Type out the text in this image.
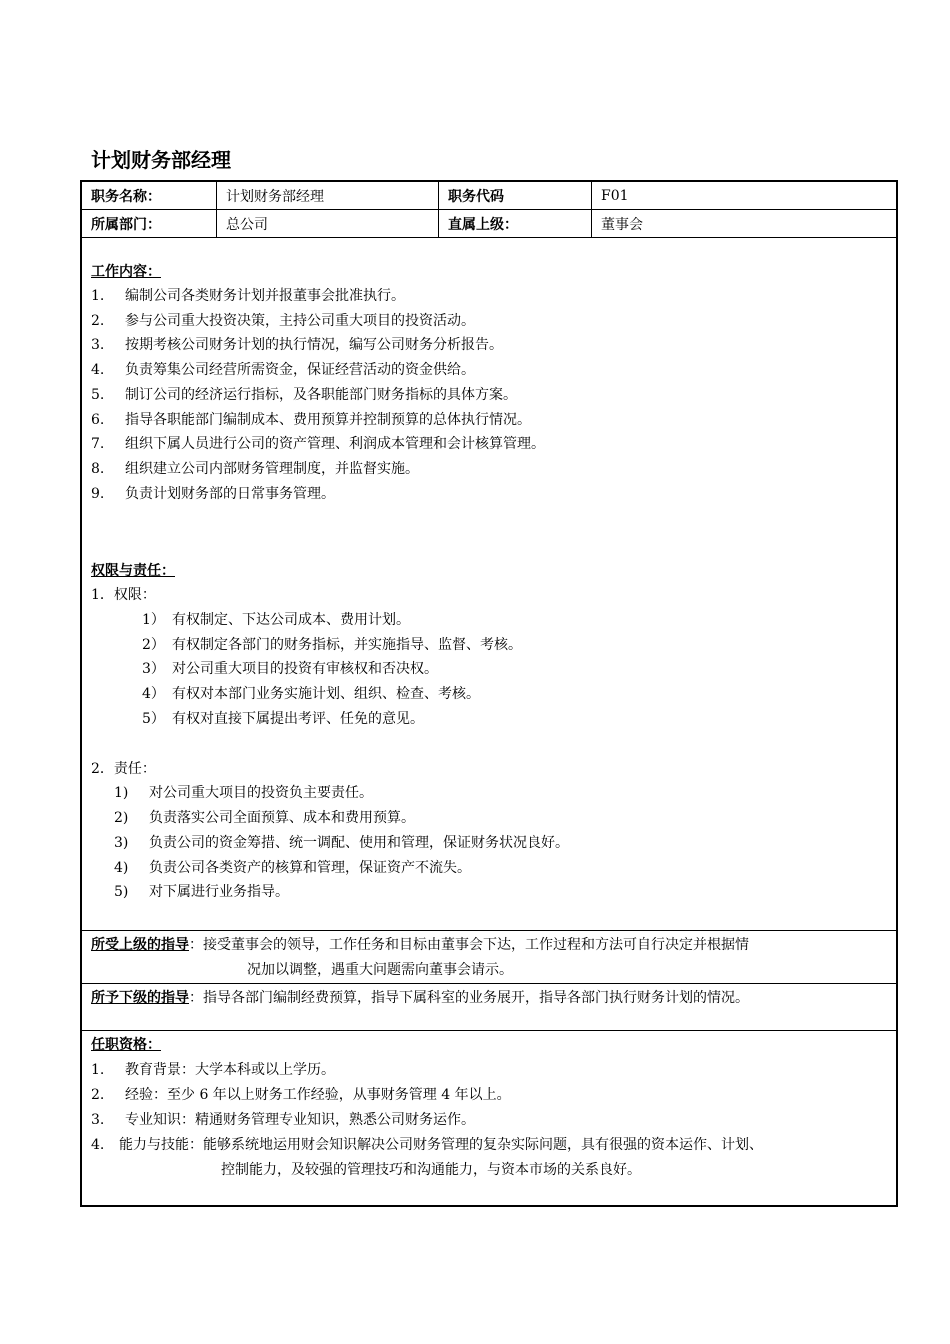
计划财务部经理
职务名称：	计划财务部经理	职务代码	F01
所属部门：	总公司	直属上级：	董事会
工作内容：
1. 编制公司各类财务计划并报董事会批准执行。
2. 参与公司重大投资决策，主持公司重大项目的投资活动。
3. 按期考核公司财务计划的执行情况，编写公司财务分析报告。
4. 负责筹集公司经营所需资金，保证经营活动的资金供给。
5. 制订公司的经济运行指标，及各职能部门财务指标的具体方案。
6. 指导各职能部门编制成本、费用预算并控制预算的总体执行情况。
7. 组织下属人员进行公司的资产管理、利润成本管理和会计核算管理。
8. 组织建立公司内部财务管理制度，并监督实施。
9. 负责计划财务部的日常事务管理。
权限与责任：
1．权限：
1） 有权制定、下达公司成本、费用计划。
2） 有权制定各部门的财务指标，并实施指导、监督、考核。
3） 对公司重大项目的投资有审核权和否决权。
4） 有权对本部门业务实施计划、组织、检查、考核。
5） 有权对直接下属提出考评、任免的意见。
2．责任：
1) 对公司重大项目的投资负主要责任。
2) 负责落实公司全面预算、成本和费用预算。
3) 负责公司的资金筹措、统一调配、使用和管理，保证财务状况良好。
4) 负责公司各类资产的核算和管理，保证资产不流失。
5) 对下属进行业务指导。
所受上级的指导：接受董事会的领导，工作任务和目标由董事会下达，工作过程和方法可自行决定并根据情
况加以调整，遇重大问题需向董事会请示。
所予下级的指导：指导各部门编制经费预算，指导下属科室的业务展开，指导各部门执行财务计划的情况。
任职资格：
1. 教育背景：大学本科或以上学历。
2. 经验：至少 6 年以上财务工作经验，从事财务管理 4 年以上。
3. 专业知识：精通财务管理专业知识，熟悉公司财务运作。
4. 能力与技能：能够系统地运用财会知识解决公司财务管理的复杂实际问题，具有很强的资本运作、计划、
控制能力，及较强的管理技巧和沟通能力，与资本市场的关系良好。
